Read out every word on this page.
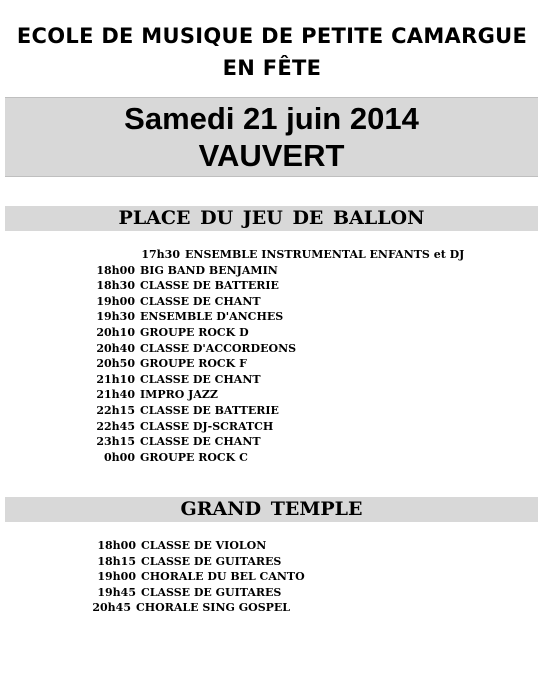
ECOLE DE MUSIQUE DE PETITE CAMARGUE
EN FÊTE
Samedi 21 juin 2014
VAUVERT
PLACE DU JEU DE BALLON
17h30 ENSEMBLE INSTRUMENTAL ENFANTS et DJ
18h00 BIG BAND BENJAMIN
18h30 CLASSE DE BATTERIE
19h00 CLASSE DE CHANT
19h30 ENSEMBLE D'ANCHES
20h10 GROUPE ROCK D
20h40 CLASSE D'ACCORDEONS
20h50 GROUPE ROCK F
21h10 CLASSE DE CHANT
21h40 IMPRO JAZZ
22h15 CLASSE DE BATTERIE
22h45 CLASSE DJ-SCRATCH
23h15 CLASSE DE CHANT
0h00 GROUPE ROCK C
GRAND TEMPLE
18h00 CLASSE DE VIOLON
18h15 CLASSE DE GUITARES
19h00 CHORALE DU BEL CANTO
19h45 CLASSE DE GUITARES
20h45 CHORALE SING GOSPEL
